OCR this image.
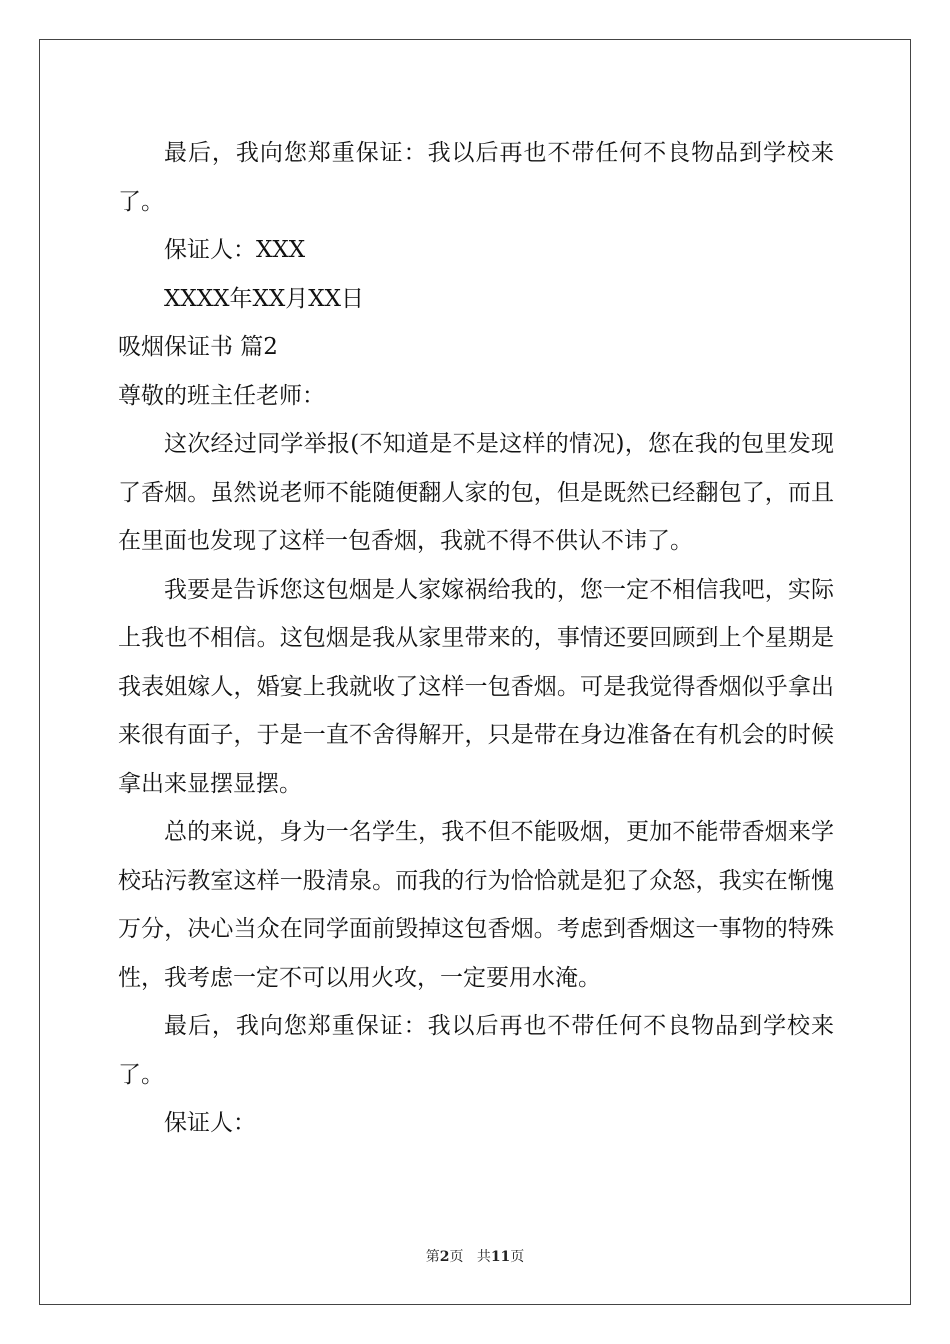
最后，我向您郑重保证：我以后再也不带任何不良物品到学校来了。

保证人：XXX

XXXX年XX月XX日

吸烟保证书 篇2

尊敬的班主任老师：

这次经过同学举报(不知道是不是这样的情况)，您在我的包里发现了香烟。虽然说老师不能随便翻人家的包，但是既然已经翻包了，而且在里面也发现了这样一包香烟，我就不得不供认不讳了。

我要是告诉您这包烟是人家嫁祸给我的，您一定不相信我吧，实际上我也不相信。这包烟是我从家里带来的，事情还要回顾到上个星期是我表姐嫁人，婚宴上我就收了这样一包香烟。可是我觉得香烟似乎拿出来很有面子，于是一直不舍得解开，只是带在身边准备在有机会的时候拿出来显摆显摆。

总的来说，身为一名学生，我不但不能吸烟，更加不能带香烟来学校玷污教室这样一股清泉。而我的行为恰恰就是犯了众怒，我实在惭愧万分，决心当众在同学面前毁掉这包香烟。考虑到香烟这一事物的特殊性，我考虑一定不可以用火攻，一定要用水淹。

最后，我向您郑重保证：我以后再也不带任何不良物品到学校来了。

保证人：

第2页 共11页
